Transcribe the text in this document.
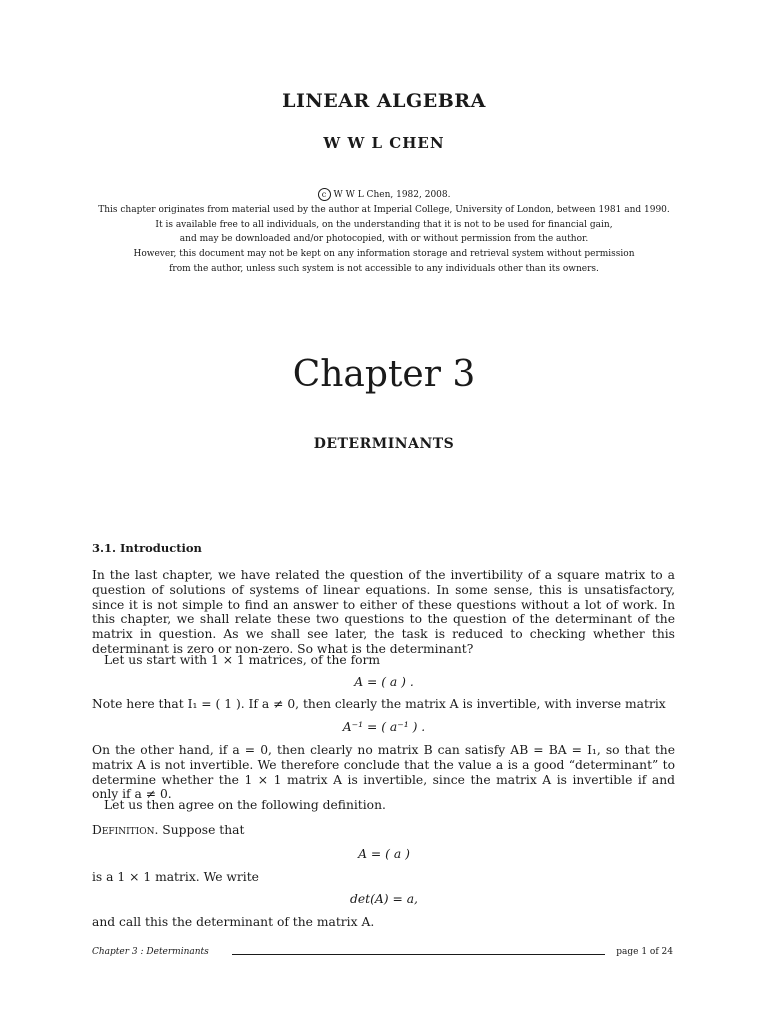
LINEAR ALGEBRA
W W L CHEN
c W W L Chen, 1982, 2008.
This chapter originates from material used by the author at Imperial College, University of London, between 1981 and 1990.
It is available free to all individuals, on the understanding that it is not to be used for financial gain,
and may be downloaded and/or photocopied, with or without permission from the author.
However, this document may not be kept on any information storage and retrieval system without permission
from the author, unless such system is not accessible to any individuals other than its owners.
Chapter 3
DETERMINANTS
3.1. Introduction
In the last chapter, we have related the question of the invertibility of a square matrix to a question of solutions of systems of linear equations. In some sense, this is unsatisfactory, since it is not simple to find an answer to either of these questions without a lot of work. In this chapter, we shall relate these two questions to the question of the determinant of the matrix in question. As we shall see later, the task is reduced to checking whether this determinant is zero or non-zero. So what is the determinant?
Let us start with 1 × 1 matrices, of the form
A = ( a ) .
Note here that I₁ = ( 1 ). If a ≠ 0, then clearly the matrix A is invertible, with inverse matrix
A⁻¹ = ( a⁻¹ ) .
On the other hand, if a = 0, then clearly no matrix B can satisfy AB = BA = I₁, so that the matrix A is not invertible. We therefore conclude that the value a is a good “determinant” to determine whether the 1 × 1 matrix A is invertible, since the matrix A is invertible if and only if a ≠ 0.
Let us then agree on the following definition.
Definition. Suppose that
A = ( a )
is a 1 × 1 matrix. We write
det(A) = a,
and call this the determinant of the matrix A.
Chapter 3 : Determinants	page 1 of 24
